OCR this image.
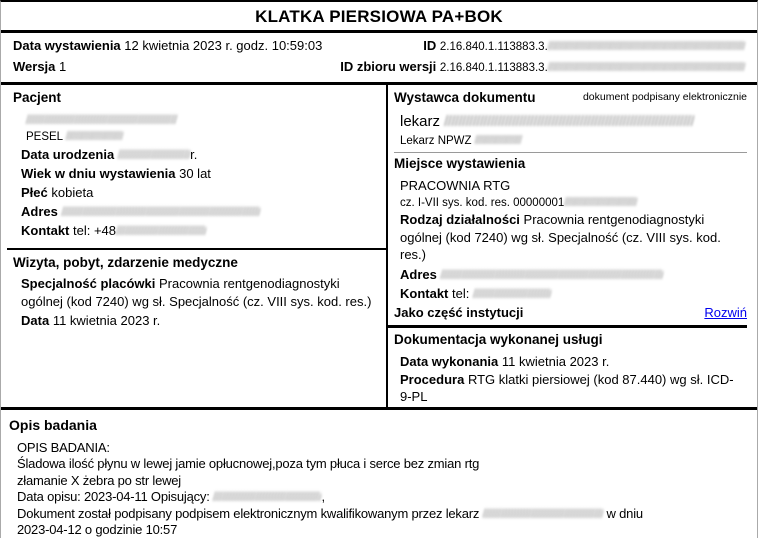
KLATKA PIERSIOWA PA+BOK
Data wystawienia 12 kwietnia 2023 r. godz. 10:59:03	ID 2.16.840.1.113883.3.////////////////////////////////////////////////////////////////////////////
Wersja 1	ID zbioru wersji 2.16.840.1.113883.3.////////////////////////////////////////////////////////////////////////////
Pacjent
//////////////////////////////////////////////////
PESEL //////////////////////
Data urodzenia ////////////////////////r.
Wiek w dniu wystawienia 30 lat
Płeć kobieta
Adres //////////////////////////////////////////////////////////////////
Kontakt tel: +48//////////////////////////////
Wizyta, pobyt, zdarzenie medyczne

Specjalność placówki Pracownia rentgenodiagnostyki ogólnej (kod 7240) wg sł. Specjalność (cz. VIII sys. kod. res.)

Data 11 kwietnia 2023 r.
Wystawca dokumentu	dokument podpisany elektronicznie
lekarz //////////////////////////////////////////////////////////////////////
Lekarz NPWZ //////////////////
Miejsce wystawienia
PRACOWNIA RTG
cz. I-VII sys. kod. res. 00000001////////////////////////////

Rodzaj działalności Pracownia rentgenodiagnostyki ogólnej (kod 7240) wg sł. Specjalność (cz. VIII sys. kod. res.)

Adres //////////////////////////////////////////////////////////////////////////
Kontakt tel: //////////////////////////
Jako część instytucji	Rozwiń
Dokumentacja wykonanej usługi
Data wykonania 11 kwietnia 2023 r.

Procedura RTG klatki piersiowej (kod 87.440) wg sł. ICD-9-PL

Opis badania
OPIS BADANIA:
Śladowa ilość płynu w lewej jamie opłucnowej,poza tym płuca i serce bez zmian rtg
złamanie X żebra po str lewej
Data opisu: 2023-04-11 Opisujący: ////////////////////////////////////,
Dokument został podpisany podpisem elektronicznym kwalifikowanym przez lekarz //////////////////////////////////////// w dniu
2023-04-12 o godzinie 10:57
